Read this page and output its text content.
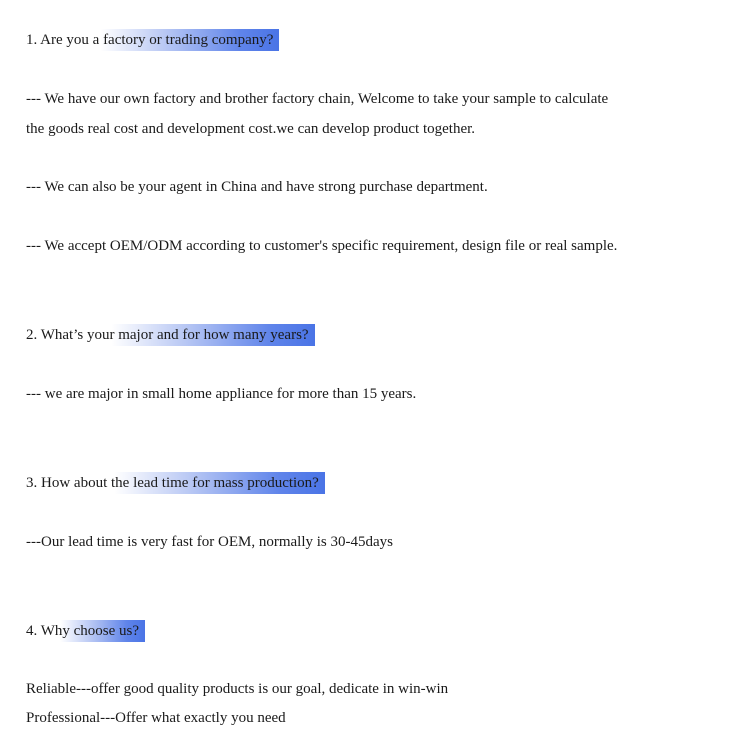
1. Are you a factory or trading company?
--- We have our own factory and brother factory chain, Welcome to take your sample to calculate
the goods real cost and development cost.we can develop product together.
--- We can also be your agent in China and have strong purchase department.
--- We accept OEM/ODM according to customer's specific requirement, design file or real sample.
2. What’s your major and for how many years?
--- we are major in small home appliance for more than 15 years.
3. How about the lead time for mass production?
---Our lead time is very fast for OEM, normally is 30-45days
4. Why choose us?
Reliable---offer good quality products is our goal, dedicate in win-win
Professional---Offer what exactly you need
